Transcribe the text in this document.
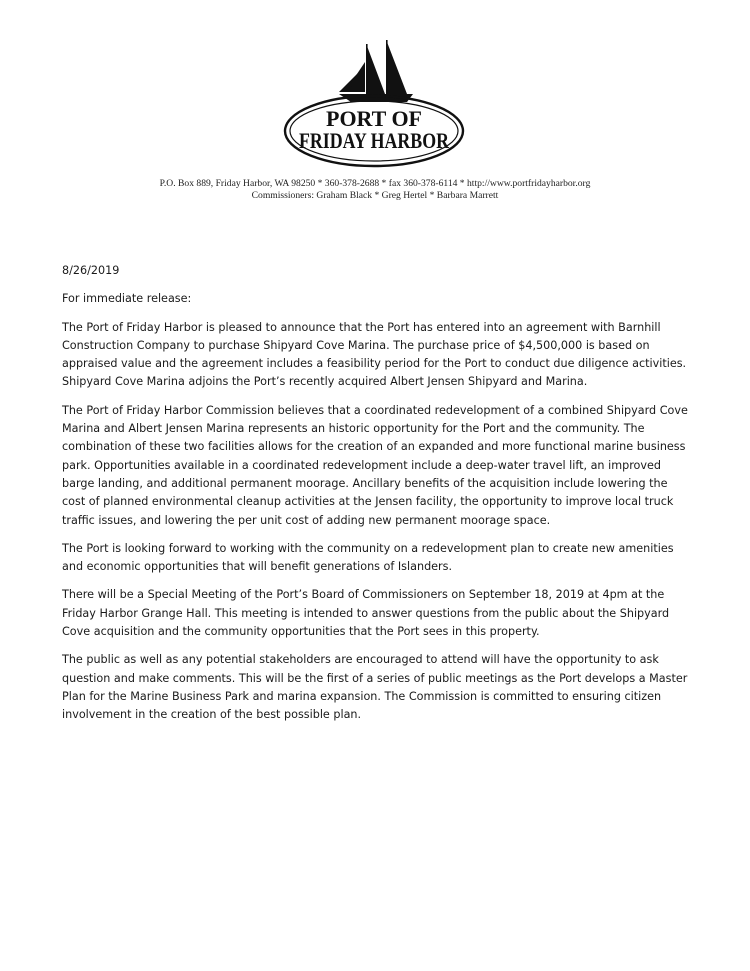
PORT OF
FRIDAY HARBOR
P.O. Box 889, Friday Harbor, WA 98250 * 360-378-2688 * fax 360-378-6114 * http://www.portfridayharbor.org
Commissioners: Graham Black * Greg Hertel * Barbara Marrett

8/26/2019

For immediate release:

The Port of Friday Harbor is pleased to announce that the Port has entered into an agreement with Barnhill Construction Company to purchase Shipyard Cove Marina. The purchase price of $4,500,000 is based on appraised value and the agreement includes a feasibility period for the Port to conduct due diligence activities. Shipyard Cove Marina adjoins the Port’s recently acquired Albert Jensen Shipyard and Marina.

The Port of Friday Harbor Commission believes that a coordinated redevelopment of a combined Shipyard Cove Marina and Albert Jensen Marina represents an historic opportunity for the Port and the community. The combination of these two facilities allows for the creation of an expanded and more functional marine business park. Opportunities available in a coordinated redevelopment include a deep-water travel lift, an improved barge landing, and additional permanent moorage. Ancillary benefits of the acquisition include lowering the cost of planned environmental cleanup activities at the Jensen facility, the opportunity to improve local truck traffic issues, and lowering the per unit cost of adding new permanent moorage space.

The Port is looking forward to working with the community on a redevelopment plan to create new amenities and economic opportunities that will benefit generations of Islanders.

There will be a Special Meeting of the Port’s Board of Commissioners on September 18, 2019 at 4pm at the Friday Harbor Grange Hall. This meeting is intended to answer questions from the public about the Shipyard Cove acquisition and the community opportunities that the Port sees in this property.

The public as well as any potential stakeholders are encouraged to attend will have the opportunity to ask question and make comments. This will be the first of a series of public meetings as the Port develops a Master Plan for the Marine Business Park and marina expansion. The Commission is committed to ensuring citizen involvement in the creation of the best possible plan.
